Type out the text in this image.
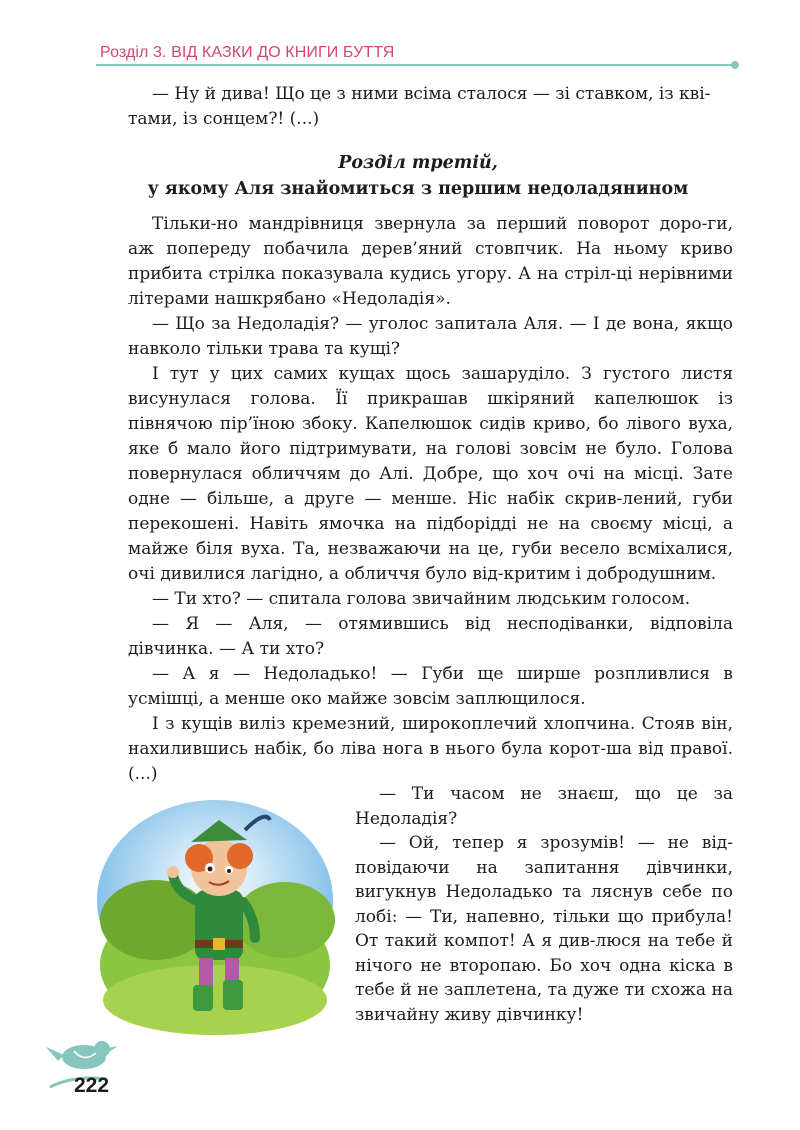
Розділ 3. ВІД КАЗКИ ДО КНИГИ БУТТЯ
— Ну й дива! Що це з ними всіма сталося — зі ставком, із кві-
тами, із сонцем?! (...)
Розділ третій,
у якому Аля знайомиться з першим недоладянином

Тільки-но мандрівниця звернула за перший поворот доро-ги, аж попереду побачила дерев’яний стовпчик. На ньому криво прибита стрілка показувала кудись угору. А на стріл-ці нерівними літерами нашкрябано «Недоладія».

— Що за Недоладія? — уголос запитала Аля. — І де вона, якщо навколо тільки трава та кущі?

І тут у цих самих кущах щось зашаруділо. З густого листя висунулася голова. Її прикрашав шкіряний капелюшок із півнячою пір’їною збоку. Капелюшок сидів криво, бо лівого вуха, яке б мало його підтримувати, на голові зовсім не було. Голова повернулася обличчям до Алі. Добре, що хоч очі на місці. Зате одне — більше, а друге — менше. Ніс набік скрив-лений, губи перекошені. Навіть ямочка на підборідді не на своєму місці, а майже біля вуха. Та, незважаючи на це, губи весело всміхалися, очі дивилися лагідно, а обличчя було від-критим і добродушним.

— Ти хто? — спитала голова звичайним людським голосом.

— Я — Аля, — отямившись від несподіванки, відповіла дівчинка. — А ти хто?

— А я — Недоладько! — Губи ще ширше розпливлися в усмішці, а менше око майже зовсім заплющилося.

І з кущів виліз кремезний, широкоплечий хлопчина. Стояв він, нахилившись набік, бо ліва нога в нього була корот-ша від правої. (...)

— Ти часом не знаєш, що це за Недоладія?

— Ой, тепер я зрозумів! — не від-повідаючи на запитання дівчинки, вигукнув Недоладько та ляснув себе по лобі: — Ти, напевно, тільки що прибула! От такий компот! А я див-люся на тебе й нічого не второпаю. Бо хоч одна кіска в тебе й не заплетена, та дуже ти схожа на звичайну живу дівчинку!

222
